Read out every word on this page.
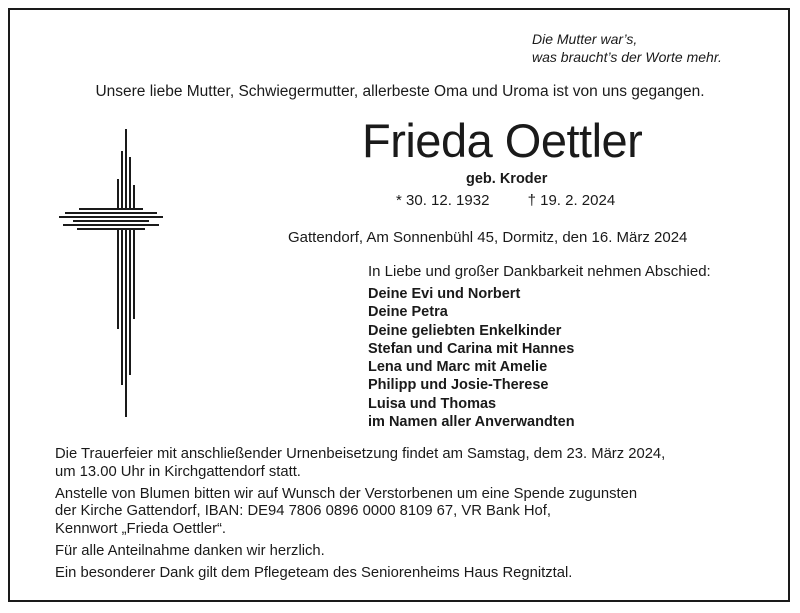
Die Mutter war’s,
was braucht’s der Worte mehr.
Unsere liebe Mutter, Schwiegermutter, allerbeste Oma und Uroma ist von uns gegangen.
Frieda Oettler
geb. Kroder
* 30. 12. 1932	† 19. 2. 2024
Gattendorf, Am Sonnenbühl 45, Dormitz, den 16. März 2024
In Liebe und großer Dankbarkeit nehmen Abschied:
Deine Evi und Norbert
Deine Petra
Deine geliebten Enkelkinder
Stefan und Carina mit Hannes
Lena und Marc mit Amelie
Philipp und Josie-Therese
Luisa und Thomas
im Namen aller Anverwandten

Die Trauerfeier mit anschließender Urnenbeisetzung findet am Samstag, dem 23. März 2024,
um 13.00 Uhr in Kirchgattendorf statt.

Anstelle von Blumen bitten wir auf Wunsch der Verstorbenen um eine Spende zugunsten
der Kirche Gattendorf, IBAN: DE94 7806 0896 0000 8109 67, VR Bank Hof,
Kennwort „Frieda Oettler“.

Für alle Anteilnahme danken wir herzlich.

Ein besonderer Dank gilt dem Pflegeteam des Seniorenheims Haus Regnitztal.
